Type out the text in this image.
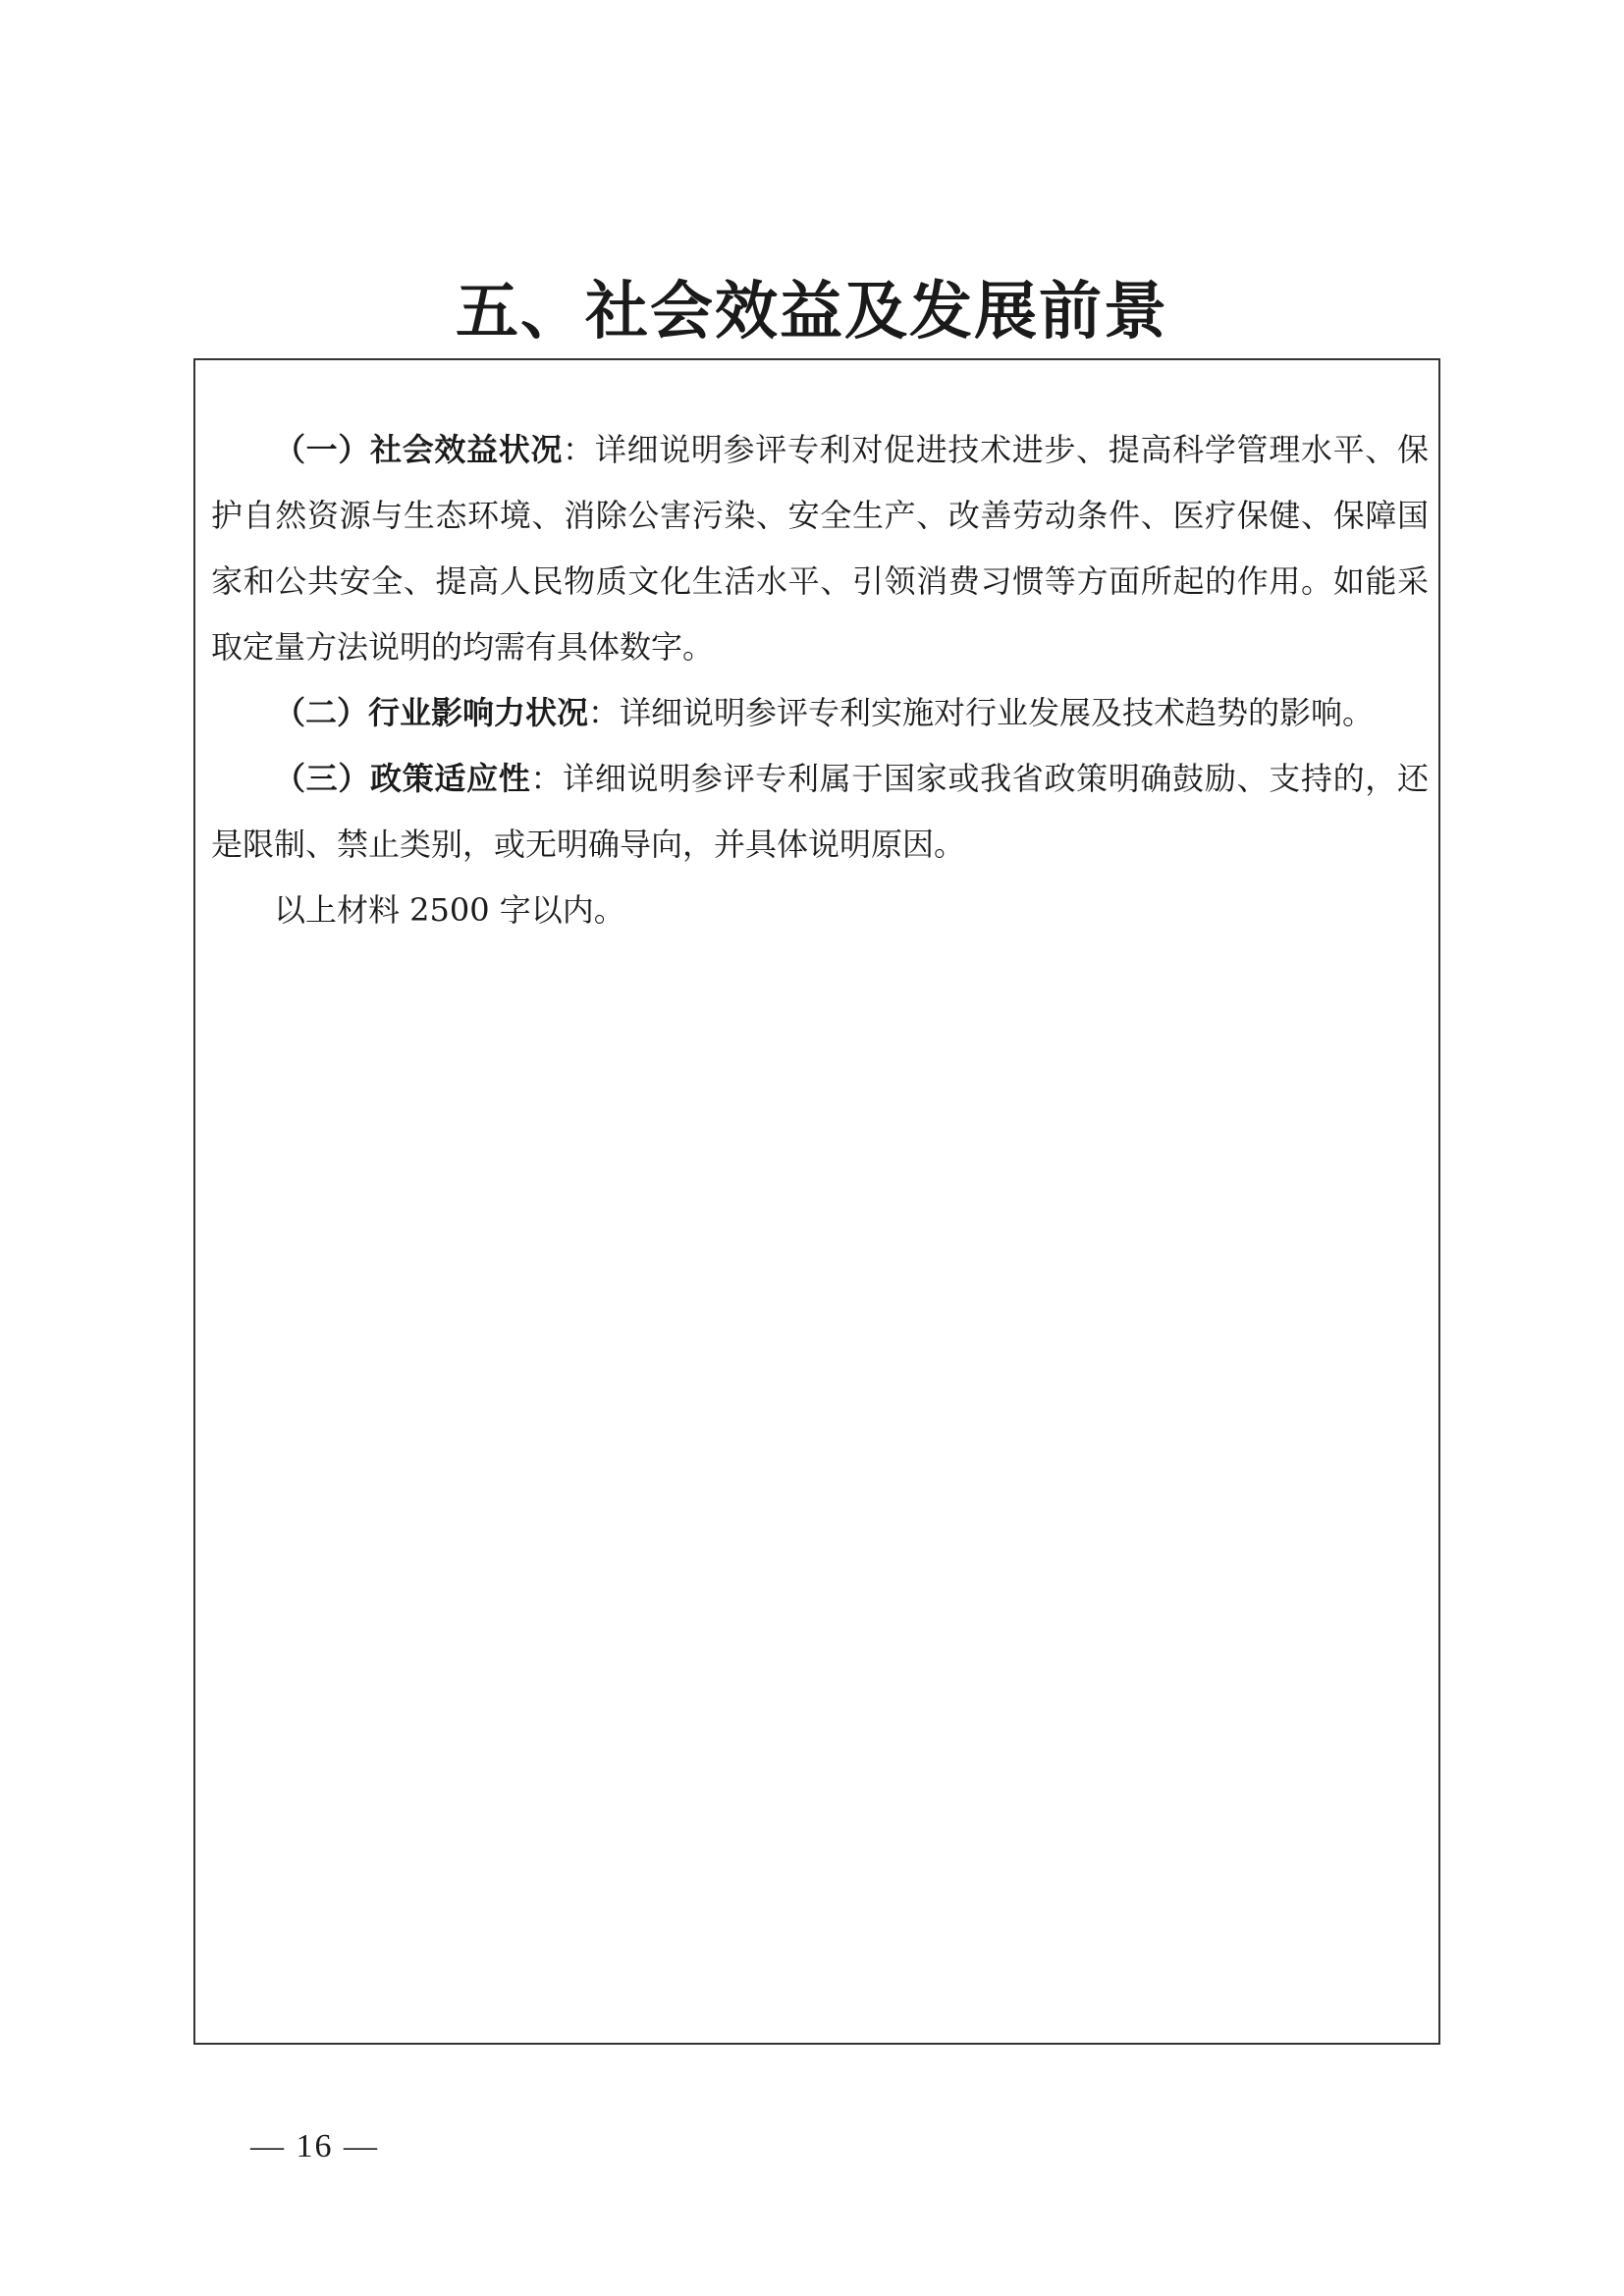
五、社会效益及发展前景

（一）社会效益状况：详细说明参评专利对促进技术进步、提高科学管理水平、保护自然资源与生态环境、消除公害污染、安全生产、改善劳动条件、医疗保健、保障国家和公共安全、提高人民物质文化生活水平、引领消费习惯等方面所起的作用。如能采取定量方法说明的均需有具体数字。

（二）行业影响力状况：详细说明参评专利实施对行业发展及技术趋势的影响。

（三）政策适应性：详细说明参评专利属于国家或我省政策明确鼓励、支持的，还是限制、禁止类别，或无明确导向，并具体说明原因。

以上材料 2500 字以内。

— 16 —
